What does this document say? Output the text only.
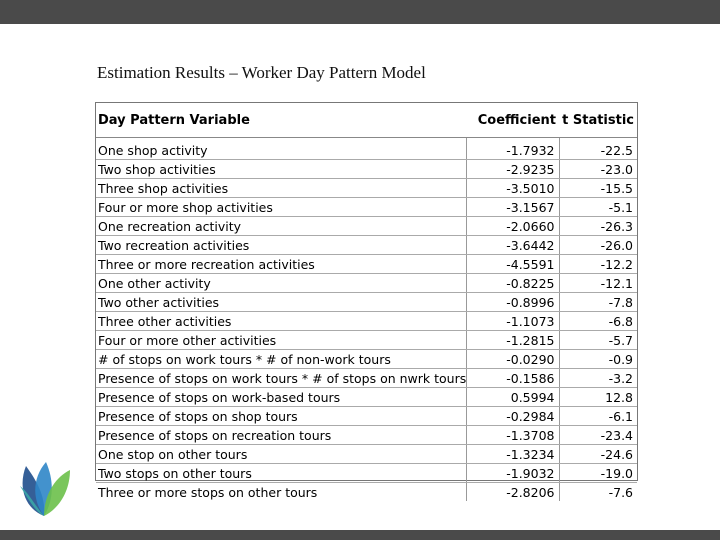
Estimation Results – Worker Day Pattern Model
Day Pattern Variable	Coefficient	t Statistic

One shop activity	-1.7932	-22.5
Two shop activities	-2.9235	-23.0
Three shop activities	-3.5010	-15.5
Four or more shop activities	-3.1567	-5.1
One recreation activity	-2.0660	-26.3
Two recreation activities	-3.6442	-26.0
Three or more recreation activities	-4.5591	-12.2
One other activity	-0.8225	-12.1
Two other activities	-0.8996	-7.8
Three other activities	-1.1073	-6.8
Four or more other activities	-1.2815	-5.7
# of stops on work tours * # of non-work tours	-0.0290	-0.9
Presence of stops on work tours * # of stops on nwrk tours	-0.1586	-3.2
Presence of stops on work-based tours	0.5994	12.8
Presence of stops on shop tours	-0.2984	-6.1
Presence of stops on recreation tours	-1.3708	-23.4
One stop on other tours	-1.3234	-24.6
Two stops on other tours	-1.9032	-19.0
Three or more stops on other tours	-2.8206	-7.6
